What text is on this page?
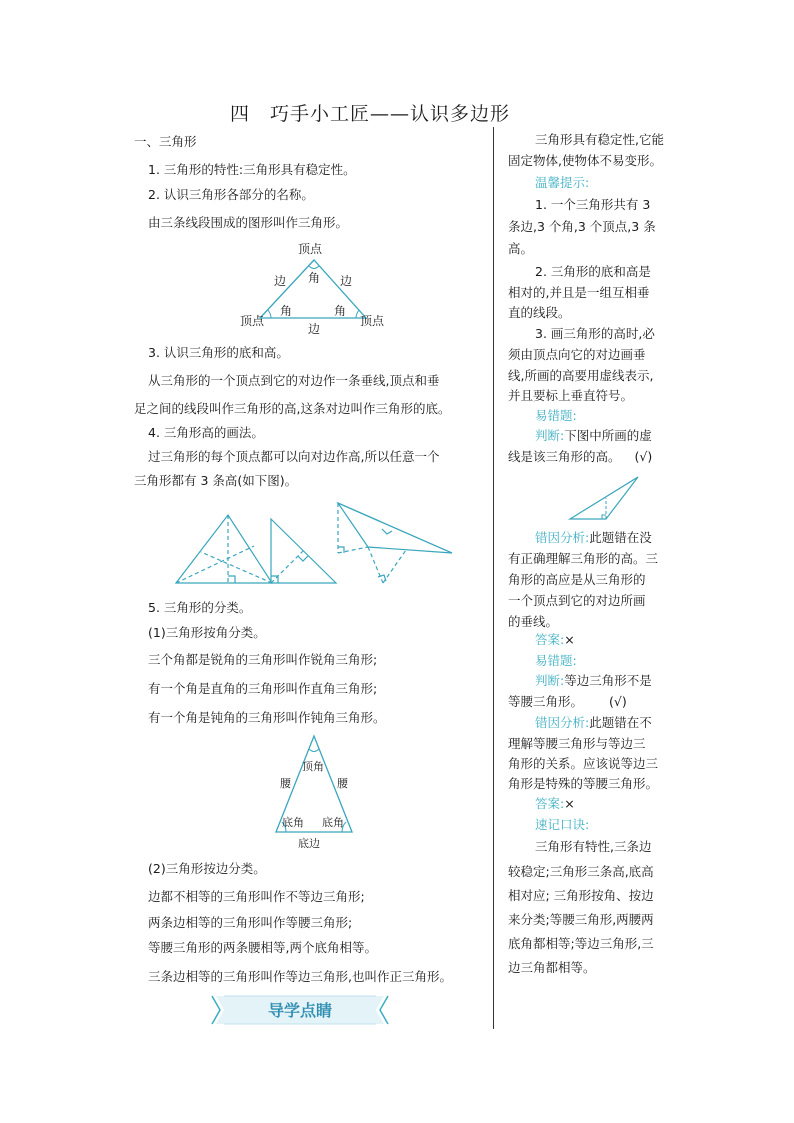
四　巧手小工匠——认识多边形
一、三角形
1. 三角形的特性:三角形具有稳定性。
2. 认识三角形各部分的名称。
由三条线段围成的图形叫作三角形。
顶点
边	边
角
角	角
顶点	顶点
边
3. 认识三角形的底和高。
从三角形的一个顶点到它的对边作一条垂线,顶点和垂
足之间的线段叫作三角形的高,这条对边叫作三角形的底。
4. 三角形高的画法。
过三角形的每个顶点都可以向对边作高,所以任意一个
三角形都有 3 条高(如下图)。
5. 三角形的分类。
(1)三角形按角分类。
三个角都是锐角的三角形叫作锐角三角形;
有一个角是直角的三角形叫作直角三角形;
有一个角是钝角的三角形叫作钝角三角形。
顶角
腰	腰
底角 底角
底边
(2)三角形按边分类。
边都不相等的三角形叫作不等边三角形;
两条边相等的三角形叫作等腰三角形;
等腰三角形的两条腰相等,两个底角相等。
三条边相等的三角形叫作等边三角形,也叫作正三角形。
导学点睛
三角形具有稳定性,它能
固定物体,使物体不易变形。
温馨提示:
1. 一个三角形共有 3
条边,3 个角,3 个顶点,3 条
高。
2. 三角形的底和高是
相对的,并且是一组互相垂
直的线段。
3. 画三角形的高时,必
须由顶点向它的对边画垂
线,所画的高要用虚线表示,
并且要标上垂直符号。
易错题:
判断:下图中所画的虚
线是该三角形的高。 (√)
错因分析:此题错在没
有正确理解三角形的高。三
角形的高应是从三角形的
一个顶点到它的对边所画
的垂线。
答案:×
易错题:
判断:等边三角形不是
等腰三角形。 (√)
错因分析:此题错在不
理解等腰三角形与等边三
角形的关系。应该说等边三
角形是特殊的等腰三角形。
答案:×
速记口诀:
三角形有特性,三条边
较稳定;三角形三条高,底高
相对应; 三角形按角、按边
来分类;等腰三角形,两腰两
底角都相等;等边三角形,三
边三角都相等。
